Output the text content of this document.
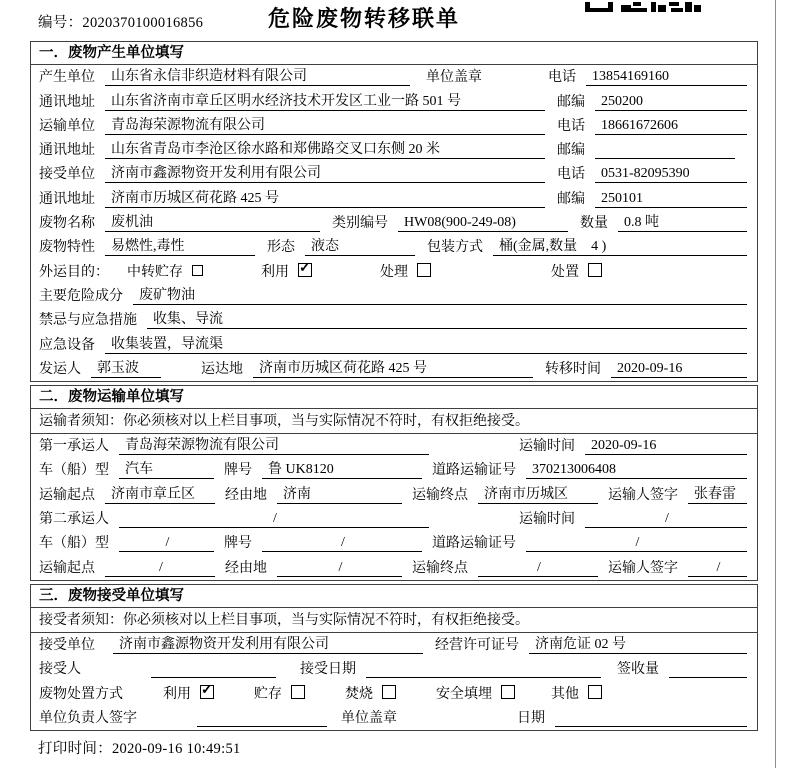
编号：2020370100016856	危险废物转移联单
一．废物产生单位填写
产生单位	山东省永信非织造材料有限公司	单位盖章	电话	13854169160
通讯地址	山东省济南市章丘区明水经济技术开发区工业一路 501 号	邮编	250200
运输单位	青岛海荣源物流有限公司	电话	18661672606
通讯地址	山东省青岛市李沧区徐水路和郑佛路交叉口东侧 20 米	邮编
接受单位	济南市鑫源物资开发利用有限公司	电话	0531-82095390
通讯地址	济南市历城区荷花路 425 号	邮编	250101
废物名称	废机油	类别编号	HW08(900-249-08)	数量	0.8 吨
废物特性	易燃性,毒性	形态	液态	包装方式	桶(金属,数量　4 )
外运目的： 中转贮存	利用 ✓	处理	处置
主要危险成分	废矿物油
禁忌与应急措施	收集、导流
应急设备	收集装置，导流渠
发运人	郭玉波	运达地	济南市历城区荷花路 425 号	转移时间	2020-09-16
二．废物运输单位填写
运输者须知：你必须核对以上栏目事项，当与实际情况不符时，有权拒绝接受。
第一承运人	青岛海荣源物流有限公司	运输时间	2020-09-16
车（船）型	汽车	牌号	鲁 UK8120	道路运输证号	370213006408
运输起点	济南市章丘区	经由地	济南	运输终点	济南市历城区	运输人签字	张春雷
第二承运人	/	运输时间	/
车（船）型	/	牌号	/	道路运输证号	/
运输起点	/	经由地	/	运输终点	/	运输人签字	/
三．废物接受单位填写
接受者须知：你必须核对以上栏目事项，当与实际情况不符时，有权拒绝接受。
接受单位	济南市鑫源物资开发利用有限公司	经营许可证号	济南危证 02 号
接受人	接受日期	签收量
废物处置方式	利用 ✓	贮存	焚烧	安全填埋	其他
单位负责人签字	单位盖章	日期
打印时间：2020-09-16 10:49:51
